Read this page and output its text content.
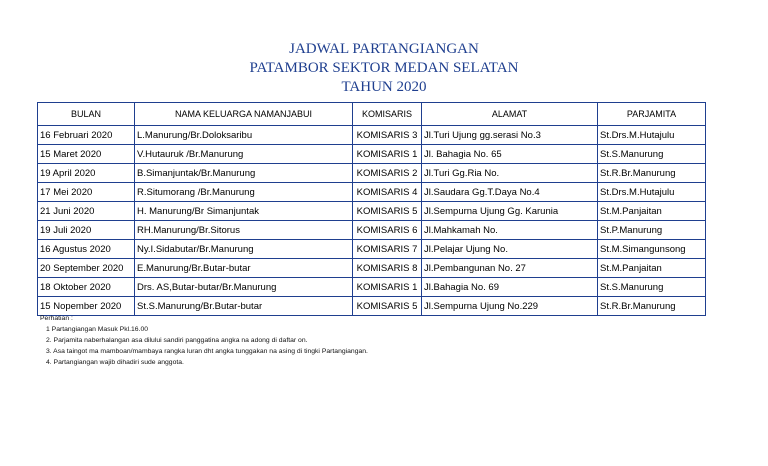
JADWAL PARTANGIANGAN
PATAMBOR SEKTOR MEDAN SELATAN
TAHUN 2020
BULAN	NAMA KELUARGA NAMANJABUI	KOMISARIS	ALAMAT	PARJAMITA
16 Februari 2020	L.Manurung/Br.Doloksaribu	KOMISARIS 3	Jl.Turi Ujung gg.serasi No.3	St.Drs.M.Hutajulu
15 Maret 2020	V.Hutauruk /Br.Manurung	KOMISARIS 1	Jl. Bahagia No. 65	St.S.Manurung
19 April 2020	B.Simanjuntak/Br.Manurung	KOMISARIS 2	Jl.Turi Gg.Ria No.	St.R.Br.Manurung
17 Mei 2020	R.Situmorang /Br.Manurung	KOMISARIS 4	Jl.Saudara Gg.T.Daya No.4	St.Drs.M.Hutajulu
21 Juni 2020	H. Manurung/Br Simanjuntak	KOMISARIS 5	Jl.Sempurna Ujung Gg. Karunia	St.M.Panjaitan
19 Juli 2020	RH.Manurung/Br.Sitorus	KOMISARIS 6	Jl.Mahkamah No.	St.P.Manurung
16 Agustus 2020	Ny.I.Sidabutar/Br.Manurung	KOMISARIS 7	Jl.Pelajar Ujung No.	St.M.Simangunsong
20 September 2020	E.Manurung/Br.Butar-butar	KOMISARIS 8	Jl.Pembangunan No. 27	St.M.Panjaitan
18 Oktober 2020	Drs. AS,Butar-butar/Br.Manurung	KOMISARIS 1	Jl.Bahagia No. 69	St.S.Manurung
15 Nopember 2020	St.S.Manurung/Br.Butar-butar	KOMISARIS 5	Jl.Sempurna Ujung No.229	St.R.Br.Manurung
Perhatian :
1 Partangiangan Masuk Pkl.16.00
2. Parjamita naberhalangan asa dilului sandiri panggatina angka na adong di daftar on.
3. Asa taingot ma mamboan/mambaya rangka luran dht angka tunggakan na asing di tingki Partangiangan.
4. Partangiangan wajib dihadiri sude anggota.
